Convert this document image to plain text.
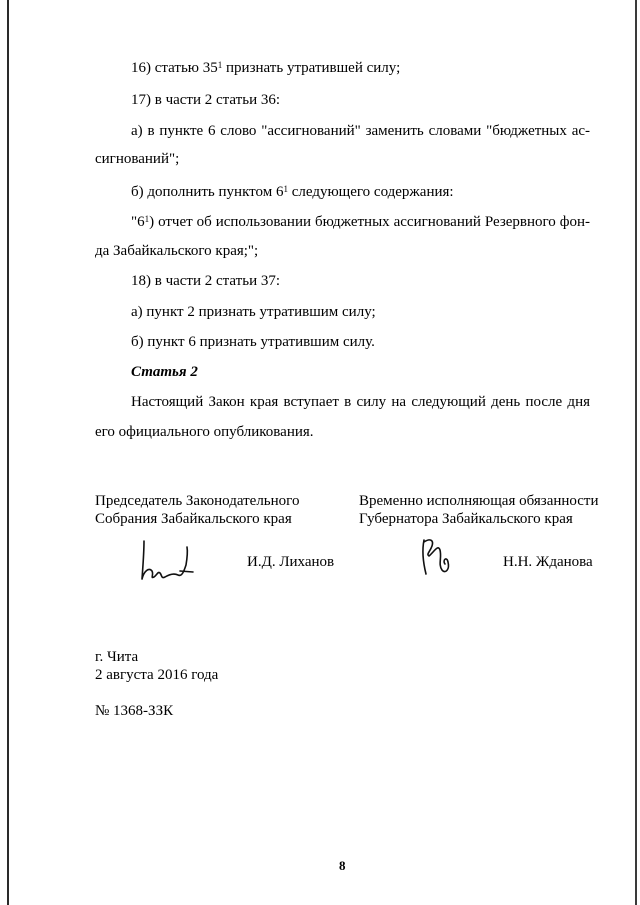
16) статью $35^1$ признать утратившей силу;
17) в части 2 статьи 36:
а) в пункте 6 слово "ассигнований" заменить словами "бюджетных ас-
сигнований";
б) дополнить пунктом $6^1$ следующего содержания:
"$6^1$) отчет об использовании бюджетных ассигнований Резервного фон-
да Забайкальского края;";
18) в части 2 статьи 37:
а) пункт 2 признать утратившим силу;
б) пункт 6 признать утратившим силу.
Статья 2
Настоящий Закон края вступает в силу на следующий день после дня
его официального опубликования.
Председатель Законодательного
Собрания Забайкальского края
Временно исполняющая обязанности
Губернатора Забайкальского края
И.Д. Лиханов	Н.Н. Жданова
г. Чита
2 августа 2016 года
№ 1368-ЗЗК
8
